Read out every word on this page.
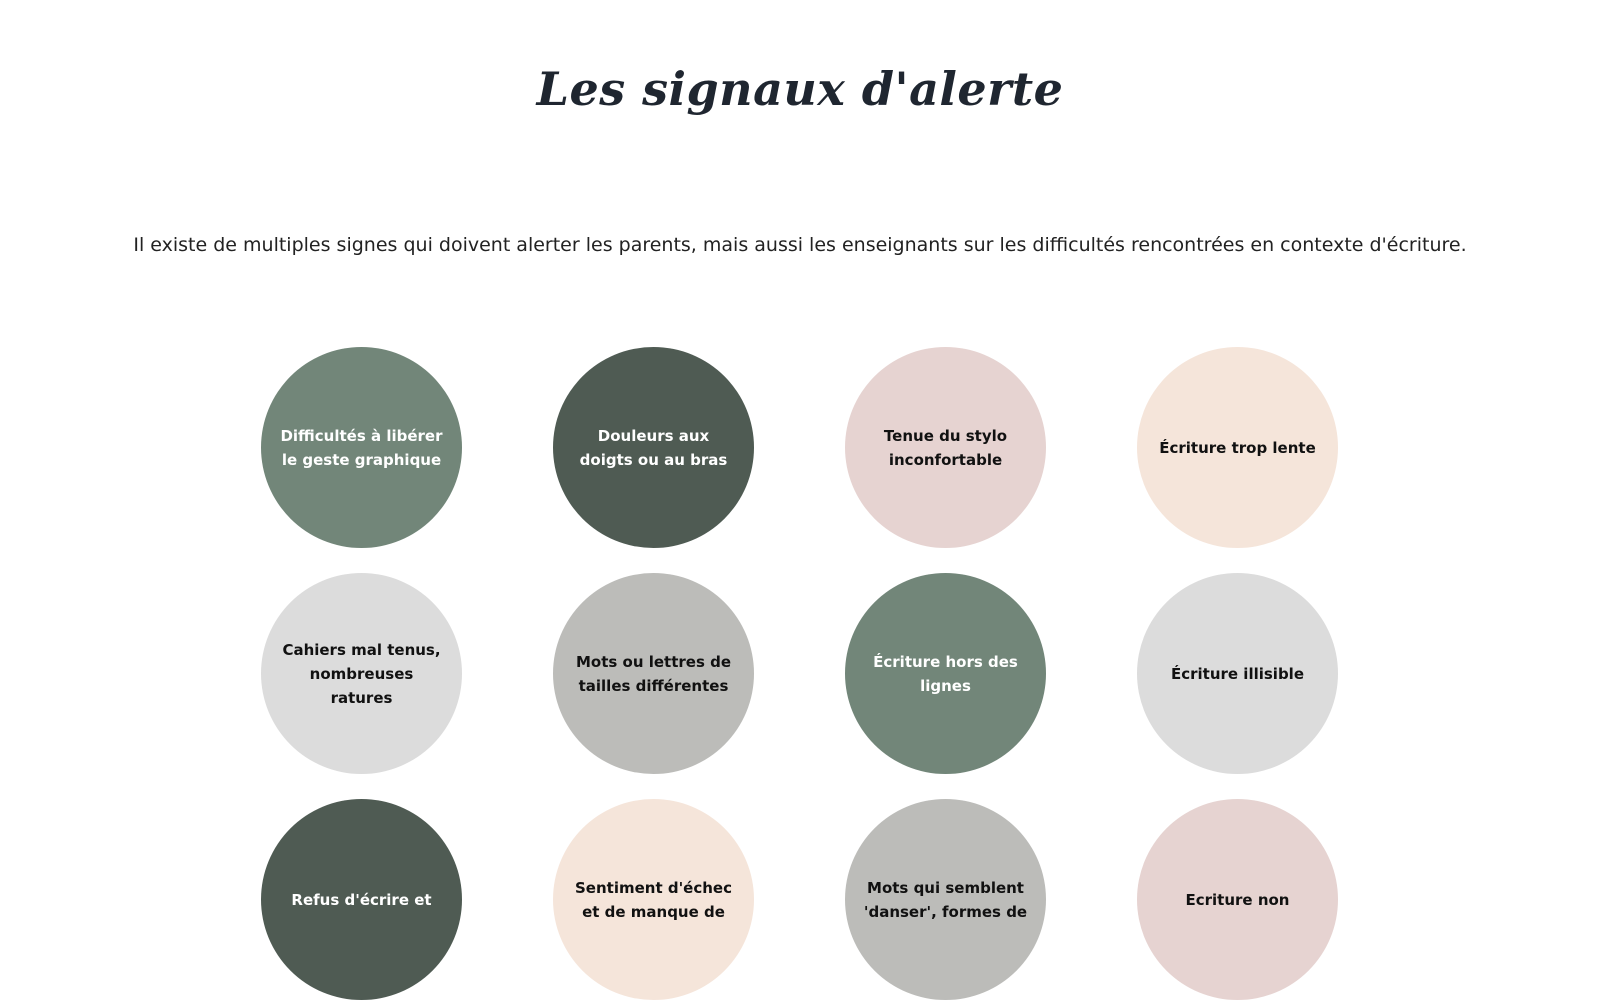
Les signaux d'alerte

Il existe de multiples signes qui doivent alerter les parents, mais aussi les enseignants sur les difficultés rencontrées en contexte d'écriture.

Difficultés à libérer le geste graphique
Douleurs aux doigts ou au bras
Tenue du stylo inconfortable
Écriture trop lente
Cahiers mal tenus, nombreuses ratures
Mots ou lettres de tailles différentes
Écriture hors des lignes
Écriture illisible
Refus d'écrire et
Sentiment d'échec et de manque de
Mots qui semblent 'danser', formes de
Ecriture non
